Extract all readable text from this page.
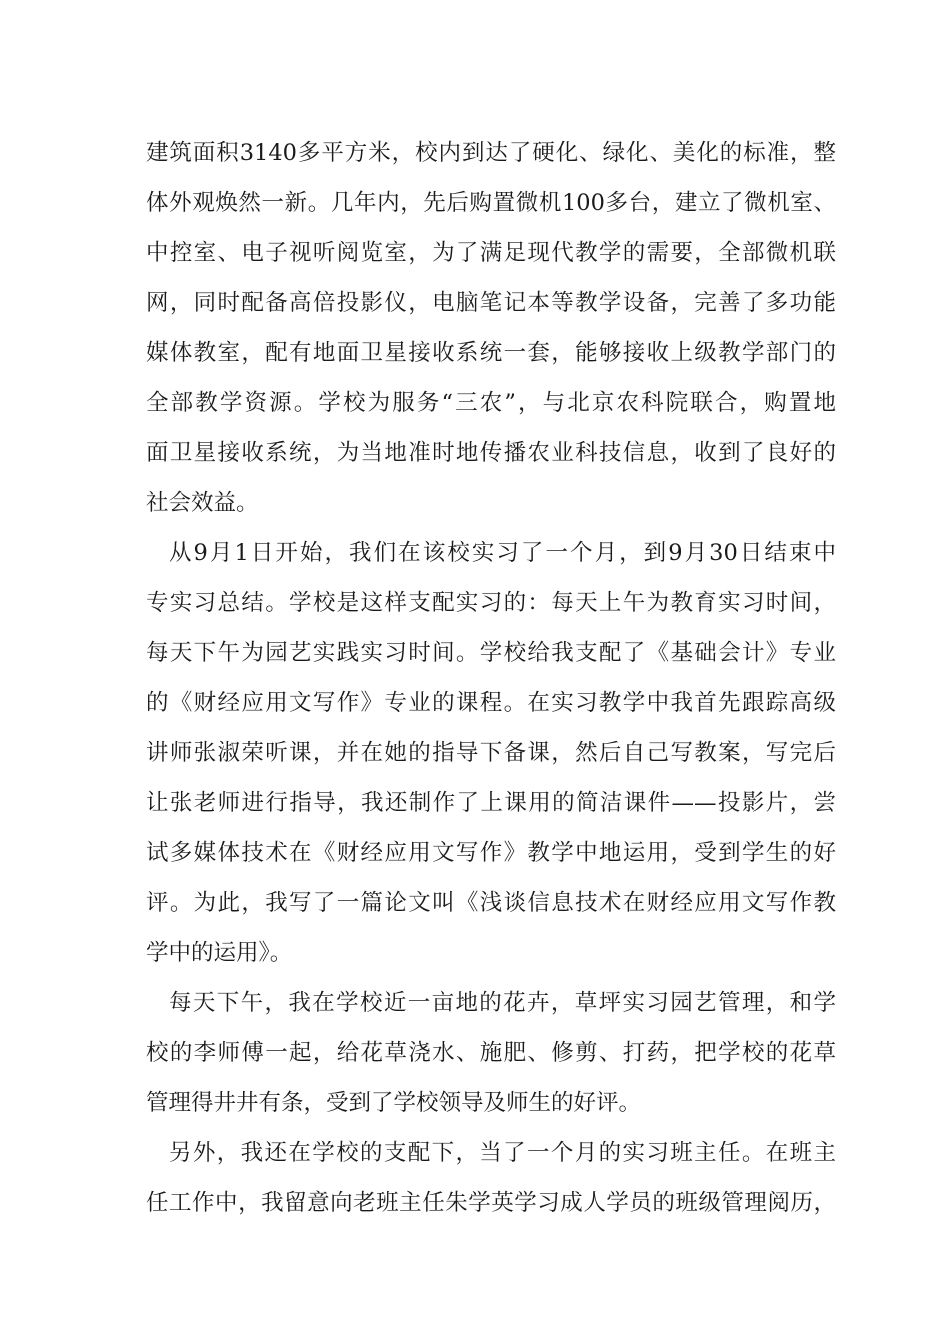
建筑面积3140多平方米，校内到达了硬化、绿化、美化的标准，整
体外观焕然一新。几年内，先后购置微机100多台，建立了微机室、
中控室、电子视听阅览室，为了满足现代教学的需要，全部微机联
网，同时配备高倍投影仪，电脑笔记本等教学设备，完善了多功能
媒体教室，配有地面卫星接收系统一套，能够接收上级教学部门的
全部教学资源。学校为服务“三农”，与北京农科院联合，购置地
面卫星接收系统，为当地准时地传播农业科技信息，收到了良好的
社会效益。
从9月1日开始，我们在该校实习了一个月，到9月30日结束中
专实习总结。学校是这样支配实习的：每天上午为教育实习时间，
每天下午为园艺实践实习时间。学校给我支配了《基础会计》专业
的《财经应用文写作》专业的课程。在实习教学中我首先跟踪高级
讲师张淑荣听课，并在她的指导下备课，然后自己写教案，写完后
让张老师进行指导，我还制作了上课用的简洁课件——投影片，尝
试多媒体技术在《财经应用文写作》教学中地运用，受到学生的好
评。为此，我写了一篇论文叫《浅谈信息技术在财经应用文写作教
学中的运用》。
每天下午，我在学校近一亩地的花卉，草坪实习园艺管理，和学
校的李师傅一起，给花草浇水、施肥、修剪、打药，把学校的花草
管理得井井有条，受到了学校领导及师生的好评。
另外，我还在学校的支配下，当了一个月的实习班主任。在班主
任工作中，我留意向老班主任朱学英学习成人学员的班级管理阅历，
